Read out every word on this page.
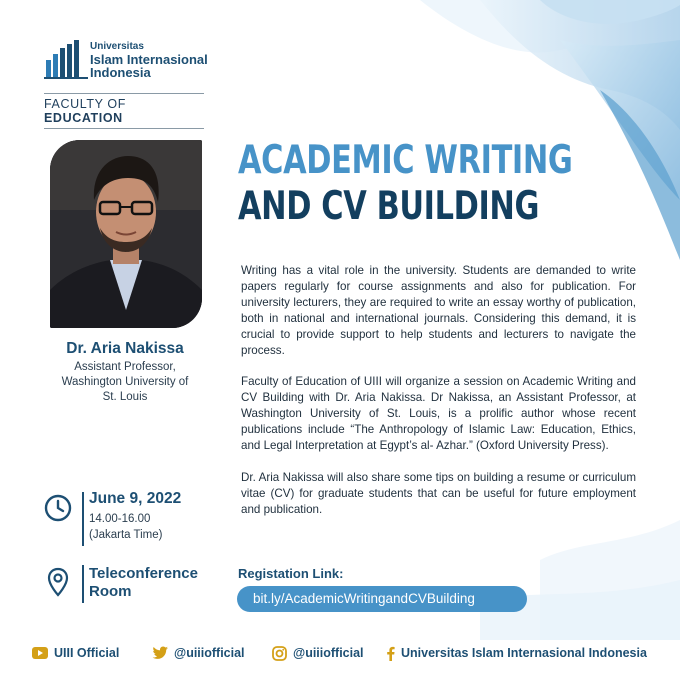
Universitas
Islam Internasional
Indonesia
FACULTY OF EDUCATION
Dr. Aria Nakissa
Assistant Professor,
Washington University of
St. Louis
ACADEMIC WRITING
AND CV BUILDING

Writing has a vital role in the university. Students are demanded to write papers regularly for course assignments and also for publication. For university lecturers, they are required to write an essay worthy of publication, both in national and international journals. Considering this demand, it is crucial to provide support to help students and lecturers to navigate the process.

Faculty of Education of UIII will organize a session on Academic Writing and CV Building with Dr. Aria Nakissa. Dr Nakissa, an Assistant Professor, at Washington University of St. Louis, is a prolific author whose recent publications include “The Anthropology of Islamic Law: Education, Ethics, and Legal Interpretation at Egypt’s al- Azhar.” (Oxford University Press).

Dr. Aria Nakissa will also share some tips on building a resume or curriculum vitae (CV) for graduate students that can be useful for future employment and publication.

June 9, 2022
14.00-16.00
(Jakarta Time)
Teleconference
Room
Registation Link:
bit.ly/AcademicWritingandCVBuilding
UIII Official	@uiiiofficial	@uiiiofficial	Universitas Islam Internasional Indonesia
